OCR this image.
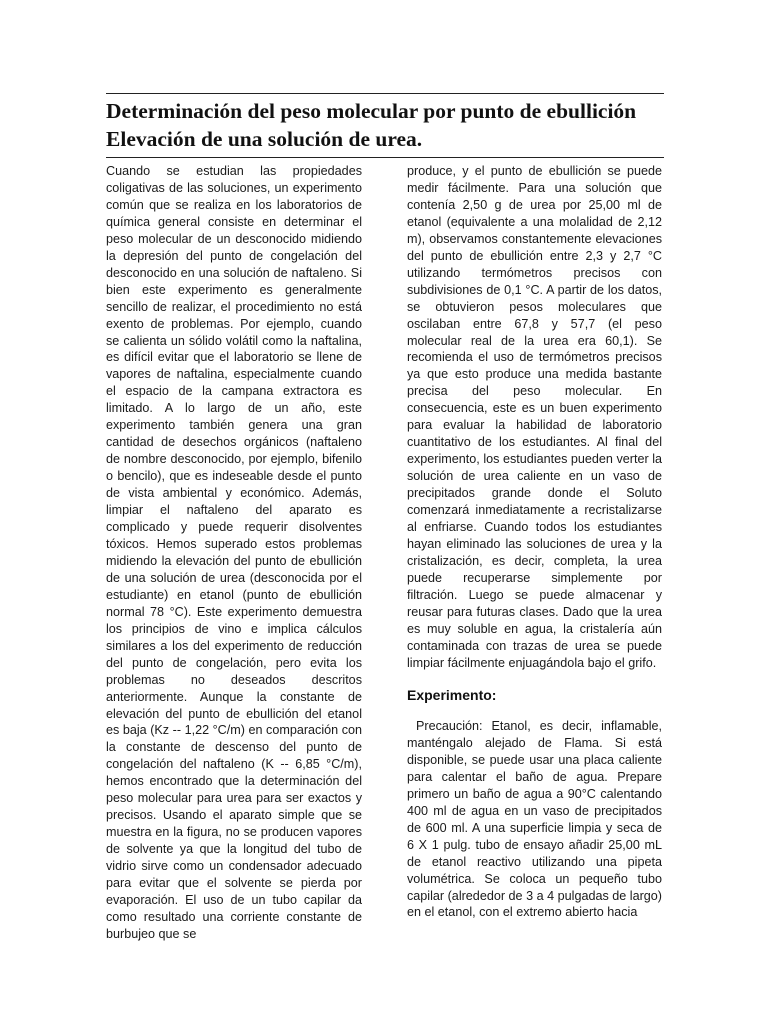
Determinación del peso molecular por punto de ebullición
Elevación de una solución de urea.

Cuando se estudian las propiedades coligativas de las soluciones, un experimento común que se realiza en los laboratorios de química general consiste en determinar el peso molecular de un desconocido midiendo la depresión del punto de congelación del desconocido en una solución de naftaleno. Si bien este experimento es generalmente sencillo de realizar, el procedimiento no está exento de problemas. Por ejemplo, cuando se calienta un sólido volátil como la naftalina, es difícil evitar que el laboratorio se llene de vapores de naftalina, especialmente cuando el espacio de la campana extractora es limitado. A lo largo de un año, este experimento también genera una gran cantidad de desechos orgánicos (naftaleno de nombre desconocido, por ejemplo, bifenilo o bencilo), que es indeseable desde el punto de vista ambiental y económico. Además, limpiar el naftaleno del aparato es complicado y puede requerir disolventes tóxicos. Hemos superado estos problemas midiendo la elevación del punto de ebullición de una solución de urea (desconocida por el estudiante) en etanol (punto de ebullición normal 78 °C). Este experimento demuestra los principios de vino e implica cálculos similares a los del experimento de reducción del punto de congelación, pero evita los problemas no deseados descritos anteriormente. Aunque la constante de elevación del punto de ebullición del etanol es baja (Kz -- 1,22 °C/m) en comparación con la constante de descenso del punto de congelación del naftaleno (K -- 6,85 °C/m), hemos encontrado que la determinación del peso molecular para urea para ser exactos y precisos. Usando el aparato simple que se muestra en la figura, no se producen vapores de solvente ya que la longitud del tubo de vidrio sirve como un condensador adecuado para evitar que el solvente se pierda por evaporación. El uso de un tubo capilar da como resultado una corriente constante de burbujeo que se

produce, y el punto de ebullición se puede medir fácilmente. Para una solución que contenía 2,50 g de urea por 25,00 ml de etanol (equivalente a una molalidad de 2,12 m), observamos constantemente elevaciones del punto de ebullición entre 2,3 y 2,7 °C utilizando termómetros precisos con subdivisiones de 0,1 °C. A partir de los datos, se obtuvieron pesos moleculares que oscilaban entre 67,8 y 57,7 (el peso molecular real de la urea era 60,1). Se recomienda el uso de termómetros precisos ya que esto produce una medida bastante precisa del peso molecular. En consecuencia, este es un buen experimento para evaluar la habilidad de laboratorio cuantitativo de los estudiantes. Al final del experimento, los estudiantes pueden verter la solución de urea caliente en un vaso de precipitados grande donde el Soluto comenzará inmediatamente a recristalizarse al enfriarse. Cuando todos los estudiantes hayan eliminado las soluciones de urea y la cristalización, es decir, completa, la urea puede recuperarse simplemente por filtración. Luego se puede almacenar y reusar para futuras clases. Dado que la urea es muy soluble en agua, la cristalería aún contaminada con trazas de urea se puede limpiar fácilmente enjuagándola bajo el grifo.

Experimento:

Precaución: Etanol, es decir, inflamable, manténgalo alejado de Flama. Si está disponible, se puede usar una placa caliente para calentar el baño de agua. Prepare primero un baño de agua a 90°C calentando 400 ml de agua en un vaso de precipitados de 600 ml. A una superficie limpia y seca de 6 X 1 pulg. tubo de ensayo añadir 25,00 mL de etanol reactivo utilizando una pipeta volumétrica. Se coloca un pequeño tubo capilar (alrededor de 3 a 4 pulgadas de largo) en el etanol, con el extremo abierto hacia
